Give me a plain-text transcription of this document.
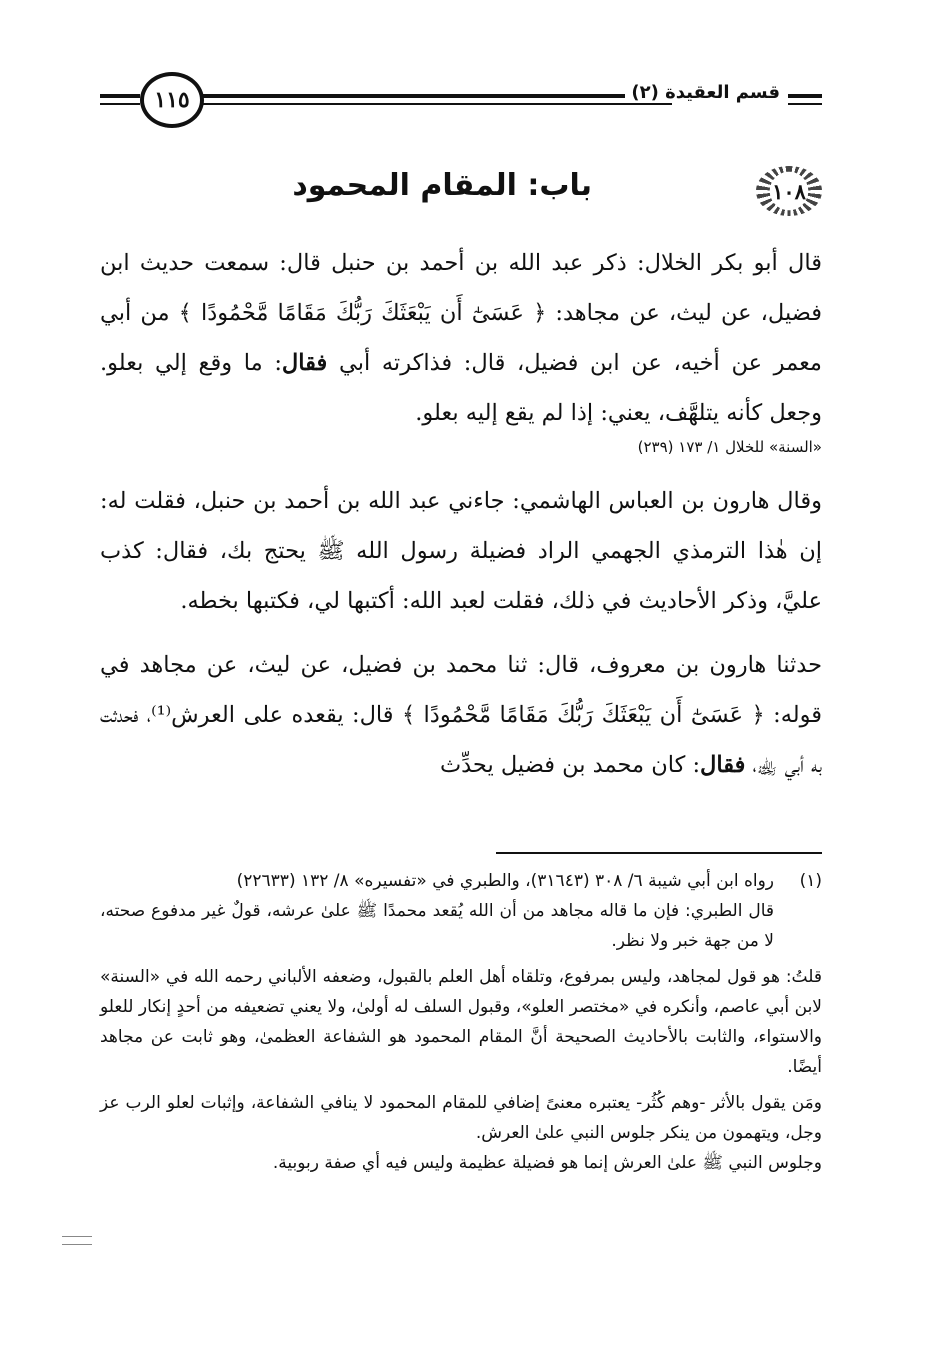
١١٥	قسم العقيدة (٢)
١٠٨
باب: المقام المحمود

قال أبو بكر الخلال: ذكر عبد الله بن أحمد بن حنبل قال: سمعت حديث ابن فضيل، عن ليث، عن مجاهد: ﴿ عَسَىٰٓ أَن يَبْعَثَكَ رَبُّكَ مَقَامًا مَّحْمُودًا ﴾ من أبي معمر عن أخيه، عن ابن فضيل، قال: فذاكرته أبي فقال: ما وقع إلي بعلو. وجعل كأنه يتلهَّف، يعني: إذا لم يقع إليه بعلو.

«السنة» للخلال ١/ ١٧٣ (٢٣٩)

وقال هارون بن العباس الهاشمي: جاءني عبد الله بن أحمد بن حنبل، فقلت له: إن هٰذا الترمذي الجهمي الراد فضيلة رسول الله ﷺ يحتج بك، فقال: كذب عليَّ، وذكر الأحاديث في ذلك، فقلت لعبد الله: أكتبها لي، فكتبها بخطه.

حدثنا هارون بن معروف، قال: ثنا محمد بن فضيل، عن ليث، عن مجاهد في قوله: ﴿ عَسَىٰٓ أَن يَبْعَثَكَ رَبُّكَ مَقَامًا مَّحْمُودًا ﴾ قال: يقعده على العرش⁽¹⁾، فحدثت به أبي ﵀، فقال: كان محمد بن فضيل يحدِّث

(١)
رواه ابن أبي شيبة ٦/ ٣٠٨ (٣١٦٤٣)، والطبري في «تفسيره» ٨/ ١٣٢ (٢٢٦٣٣)

قال الطبري: فإن ما قاله مجاهد من أن الله يُقعد محمدًا ﷺ علىٰ عرشه، قولٌ غير مدفوع صحته، لا من جهة خبر ولا نظر.

قلتُ: هو قول لمجاهد، وليس بمرفوع، وتلقاه أهل العلم بالقبول، وضعفه الألباني رحمه الله في «السنة» لابن أبي عاصم، وأنكره في «مختصر العلو»، وقبول السلف له أولىٰ، ولا يعني تضعيفه من أحدٍ إنكار للعلو والاستواء، والثابت بالأحاديث الصحيحة أنَّ المقام المحمود هو الشفاعة العظمىٰ، وهو ثابت عن مجاهد أيضًا.

ومَن يقول بالأثر -وهم كُثُر- يعتبره معنىً إضافي للمقام المحمود لا ينافي الشفاعة، وإثبات لعلو الرب عز وجل، ويتهمون من ينكر جلوس النبي علىٰ العرش.

وجلوس النبي ﷺ علىٰ العرش إنما هو فضيلة عظيمة وليس فيه أي صفة ربوبية.
